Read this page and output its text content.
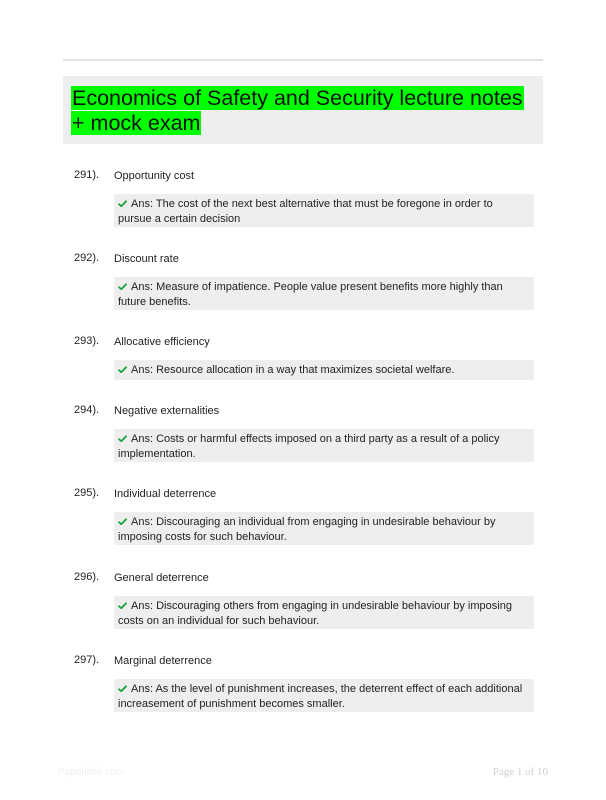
Economics of Safety and Security lecture notes + mock exam
291). Opportunity cost
Ans: The cost of the next best alternative that must be foregone in order to pursue a certain decision
292). Discount rate
Ans: Measure of impatience. People value present benefits more highly than future benefits.
293). Allocative efficiency
Ans: Resource allocation in a way that maximizes societal welfare.
294). Negative externalities
Ans: Costs or harmful effects imposed on a third party as a result of a policy implementation.
295). Individual deterrence
Ans: Discouraging an individual from engaging in undesirable behaviour by imposing costs for such behaviour.
296). General deterrence
Ans: Discouraging others from engaging in undesirable behaviour by imposing costs on an individual for such behaviour.
297). Marginal deterrence
Ans: As the level of punishment increases, the deterrent effect of each additional increasement of punishment becomes smaller.
Paperlittle.com	Page 1 of 10
